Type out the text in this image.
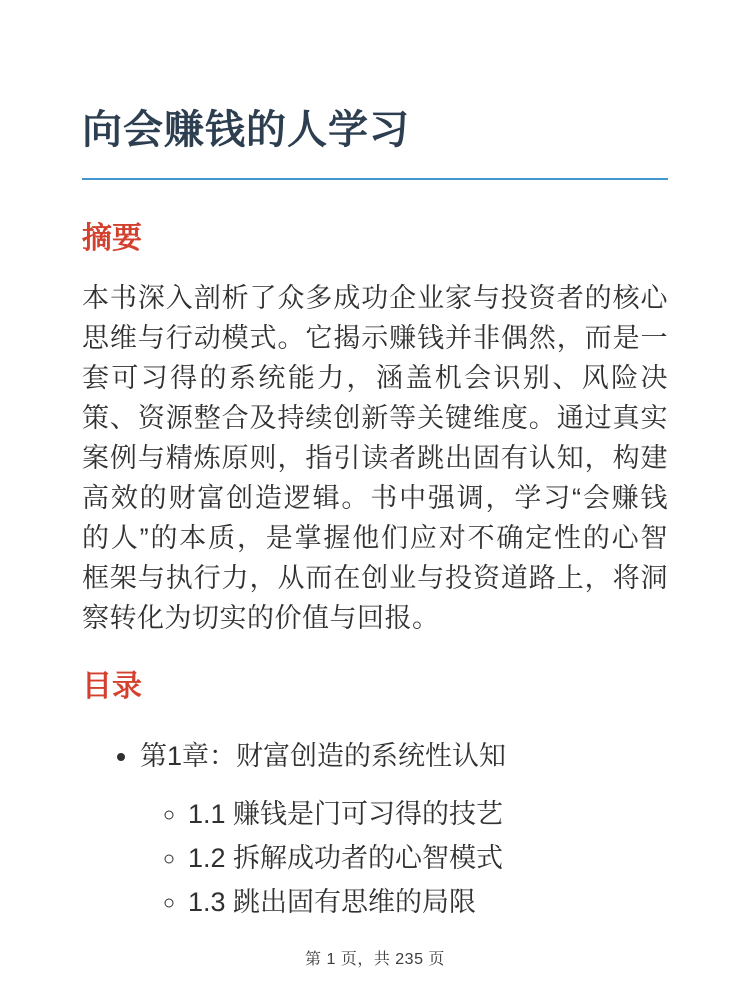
向会赚钱的人学习
摘要

本书深入剖析了众多成功企业家与投资者的核心思维与行动模式。它揭示赚钱并非偶然，而是一套可习得的系统能力，涵盖机会识别、风险决策、资源整合及持续创新等关键维度。通过真实案例与精炼原则，指引读者跳出固有认知，构建高效的财富创造逻辑。书中强调，学习“会赚钱的人”的本质，是掌握他们应对不确定性的心智框架与执行力，从而在创业与投资道路上，将洞察转化为切实的价值与回报。

目录
• 第1章：财富创造的系统性认知
◦ 1.1 赚钱是门可习得的技艺
◦ 1.2 拆解成功者的心智模式
◦ 1.3 跳出固有思维的局限
第 1 页，共 235 页
